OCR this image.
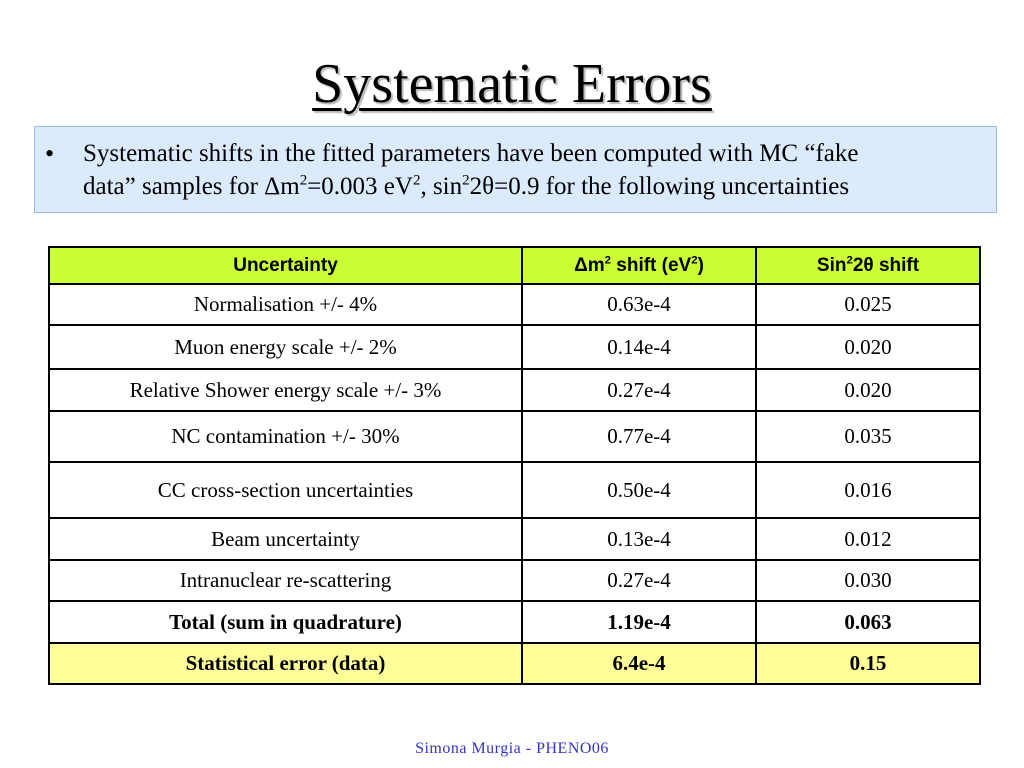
Systematic Errors
• Systematic shifts in the fitted parameters have been computed with MC “fake
data” samples for $\Delta m^2=0.003$ $eV^2$, $\sin^22\theta=0.9$ for the following uncertainties
Uncertainty	$\Delta m^2$ shift $(eV^2)$	Sin$^2$2θ shift
Normalisation +/- 4%	0.63e-4	0.025
Muon energy scale +/- 2%	0.14e-4	0.020
Relative Shower energy scale +/- 3%	0.27e-4	0.020
NC contamination +/- 30%	0.77e-4	0.035
CC cross-section uncertainties	0.50e-4	0.016
Beam uncertainty	0.13e-4	0.012
Intranuclear re-scattering	0.27e-4	0.030
Total (sum in quadrature)	1.19e-4	0.063
Statistical error (data)	6.4e-4	0.15
Simona Murgia - PHENO06
